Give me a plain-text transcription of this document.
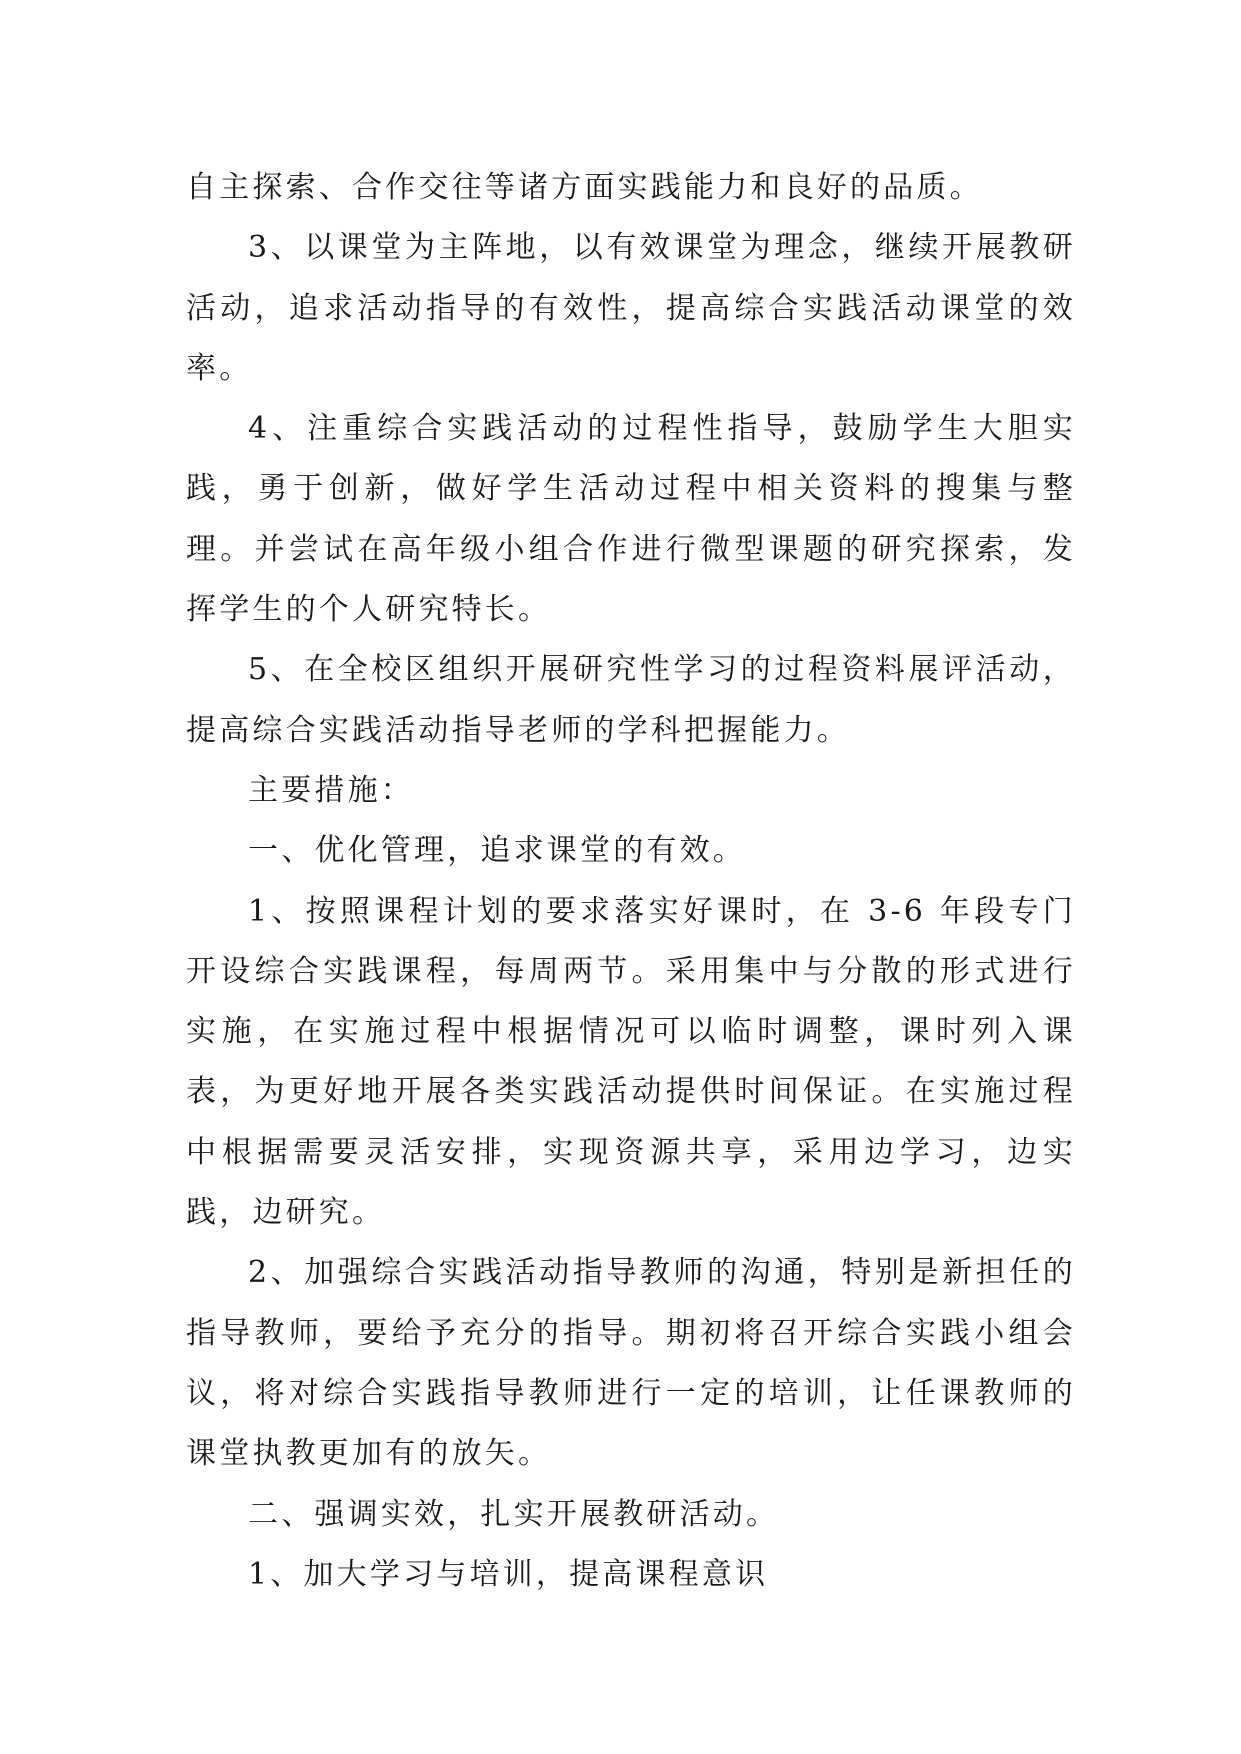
自主探索、合作交往等诸方面实践能力和良好的品质。

3、以课堂为主阵地，以有效课堂为理念，继续开展教研活动，追求活动指导的有效性，提高综合实践活动课堂的效率。

4、注重综合实践活动的过程性指导，鼓励学生大胆实践，勇于创新，做好学生活动过程中相关资料的搜集与整理。并尝试在高年级小组合作进行微型课题的研究探索，发挥学生的个人研究特长。

5、在全校区组织开展研究性学习的过程资料展评活动，提高综合实践活动指导老师的学科把握能力。

主要措施：

一、优化管理，追求课堂的有效。

1、按照课程计划的要求落实好课时，在 3-6 年段专门开设综合实践课程，每周两节。采用集中与分散的形式进行实施，在实施过程中根据情况可以临时调整，课时列入课表，为更好地开展各类实践活动提供时间保证。在实施过程中根据需要灵活安排，实现资源共享，采用边学习，边实践，边研究。

2、加强综合实践活动指导教师的沟通，特别是新担任的指导教师，要给予充分的指导。期初将召开综合实践小组会议，将对综合实践指导教师进行一定的培训，让任课教师的课堂执教更加有的放矢。

二、强调实效，扎实开展教研活动。

1、加大学习与培训，提高课程意识
